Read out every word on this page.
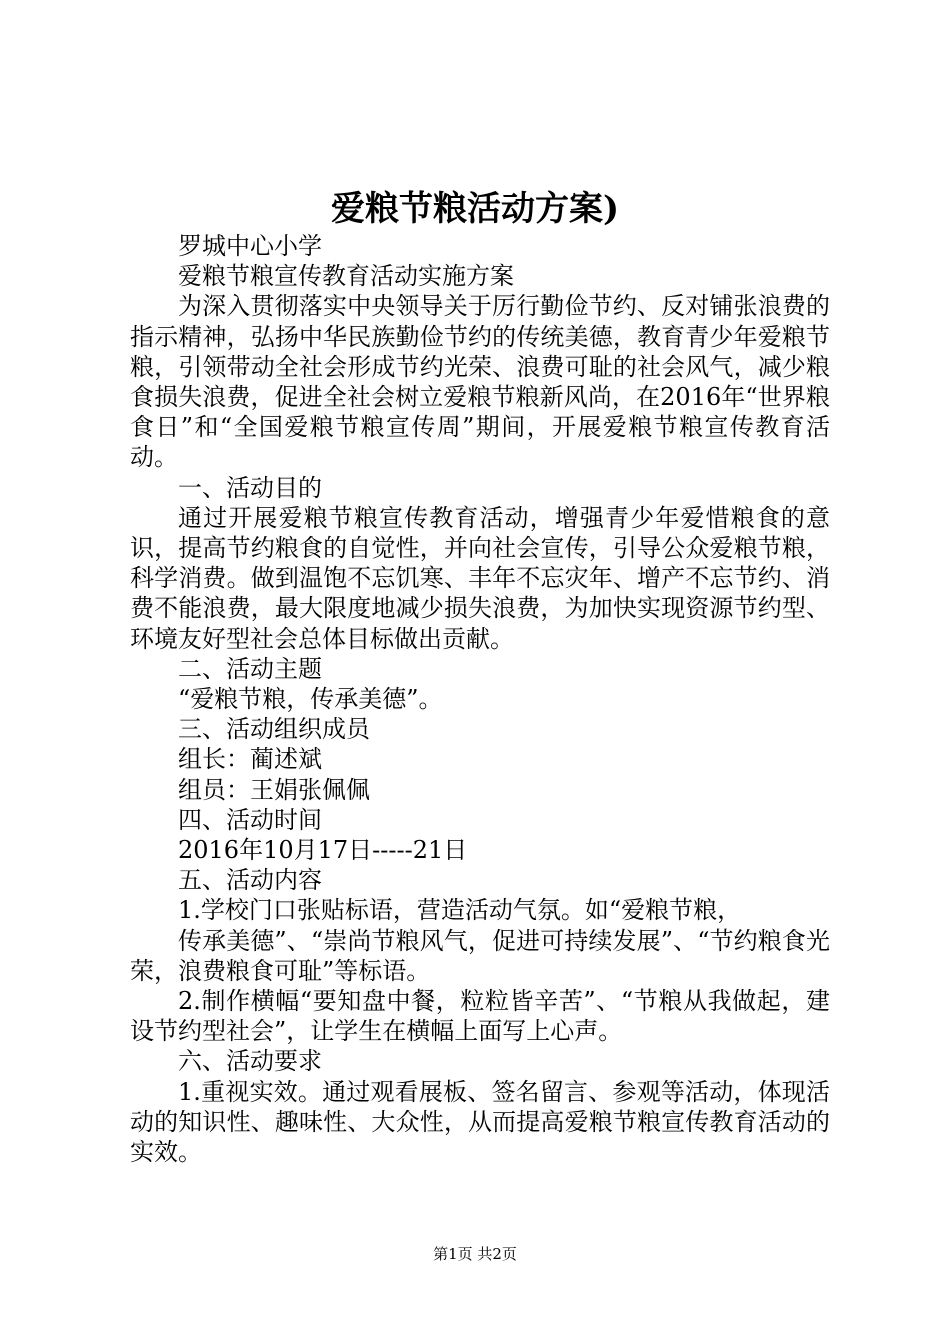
爱粮节粮活动方案)

罗城中心小学

爱粮节粮宣传教育活动实施方案

为深入贯彻落实中央领导关于厉行勤俭节约、反对铺张浪费的指示精神，弘扬中华民族勤俭节约的传统美德，教育青少年爱粮节粮，引领带动全社会形成节约光荣、浪费可耻的社会风气，减少粮食损失浪费，促进全社会树立爱粮节粮新风尚，在2016年“世界粮食日”和“全国爱粮节粮宣传周”期间，开展爱粮节粮宣传教育活动。

一、活动目的

通过开展爱粮节粮宣传教育活动，增强青少年爱惜粮食的意识，提高节约粮食的自觉性，并向社会宣传，引导公众爱粮节粮，科学消费。做到温饱不忘饥寒、丰年不忘灾年、增产不忘节约、消费不能浪费，最大限度地减少损失浪费，为加快实现资源节约型、环境友好型社会总体目标做出贡献。

二、活动主题

“爱粮节粮，传承美德”。

三、活动组织成员

组长：蔺述斌

组员：王娟张佩佩

四、活动时间

2016年10月17日-----21日

五、活动内容

1.学校门口张贴标语，营造活动气氛。如“爱粮节粮，

传承美德”、“崇尚节粮风气，促进可持续发展”、“节约粮食光荣，浪费粮食可耻”等标语。

2.制作横幅“要知盘中餐，粒粒皆辛苦”、“节粮从我做起，建设节约型社会”，让学生在横幅上面写上心声。

六、活动要求

1.重视实效。通过观看展板、签名留言、参观等活动，体现活动的知识性、趣味性、大众性，从而提高爱粮节粮宣传教育活动的实效。

第1页 共2页
